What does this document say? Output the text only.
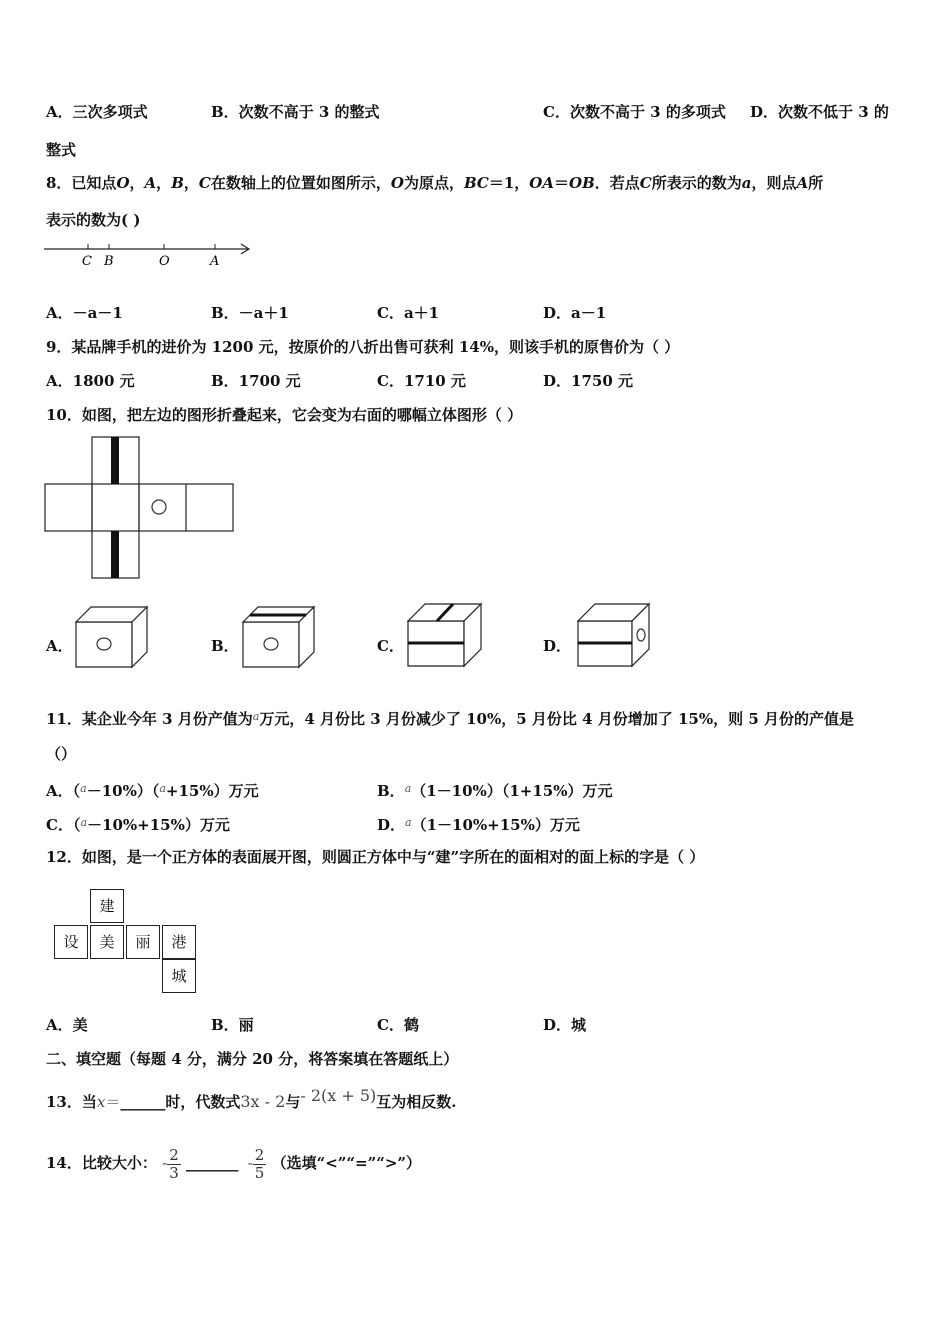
A．三次多项式	B．次数不高于 3 的整式	C．次数不高于 3 的多项式 D．次数不低于 3 的
整式
8．已知点O，A，B，C在数轴上的位置如图所示，O为原点，BC＝1，OA＝OB．若点C所表示的数为a，则点A所
表示的数为( )
C B	O	A
A．－a－1	B．－a＋1	C．a＋1	D．a－1
9．某品牌手机的进价为 1200 元，按原价的八折出售可获利 14%，则该手机的原售价为（ ）
A．1800 元	B．1700 元	C．1710 元	D．1750 元
10．如图，把左边的图形折叠起来，它会变为右面的哪幅立体图形（ ）
A．	B．	C．	D．
11．某企业今年 3 月份产值为$^a$万元，4 月份比 3 月份减少了 10%，5 月份比 4 月份增加了 15%，则 5 月份的产值是
（）
A．（$^a$－10%）（$^a$+15%）万元	B．$^a$（1－10%）（1+15%）万元
C．（$^a$－10%+15%）万元	D．$^a$（1－10%+15%）万元
12．如图，是一个正方体的表面展开图，则圆正方体中与“建”字所在的面相对的面上标的字是（ ）
建
设	美	丽	港
城
A．美	B．丽	C．鹤	D．城
二、填空题（每题 4 分，满分 20 分，将答案填在答题纸上）
13．当x＝______时，代数式3x - 2与- 2(x + 5)互为相反数.
14．比较大小： - $\frac{2}{3}$ _______ - $\frac{2}{5}$ （选填“<”“=”“>”）
